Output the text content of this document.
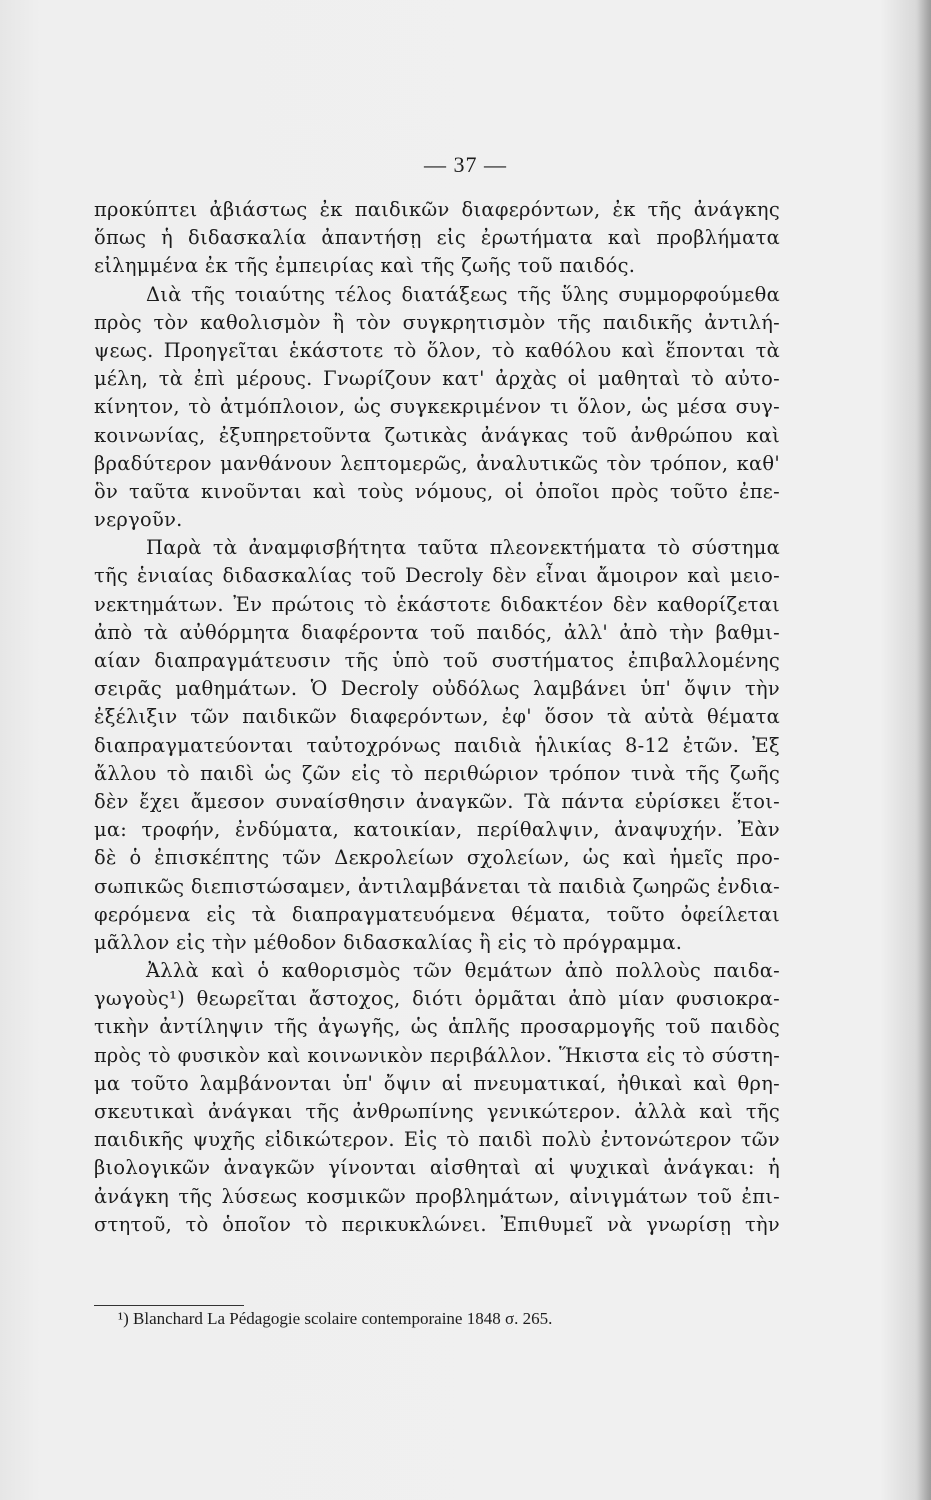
— 37 —
προκύπτει ἀβιάστως ἐκ παιδικῶν διαφερόντων, ἐκ τῆς ἀνάγκης
ὅπως ἡ διδασκαλία ἀπαντήσῃ εἰς ἐρωτήματα καὶ προβλήματα
εἰλημμένα ἐκ τῆς ἐμπειρίας καὶ τῆς ζωῆς τοῦ παιδός.
Διὰ τῆς τοιαύτης τέλος διατάξεως τῆς ὕλης συμμορφούμεθα
πρὸς τὸν καθολισμὸν ἢ τὸν συγκρητισμὸν τῆς παιδικῆς ἀντιλή-
ψεως. Προηγεῖται ἑκάστοτε τὸ ὅλον, τὸ καθόλου καὶ ἕπονται τὰ
μέλη, τὰ ἐπὶ μέρους. Γνωρίζουν κατ' ἀρχὰς οἱ μαθηταὶ τὸ αὐτο-
κίνητον, τὸ ἀτμόπλοιον, ὡς συγκεκριμένον τι ὅλον, ὡς μέσα συγ-
κοινωνίας, ἐξυπηρετοῦντα ζωτικὰς ἀνάγκας τοῦ ἀνθρώπου καὶ
βραδύτερον μανθάνουν λεπτομερῶς, ἀναλυτικῶς τὸν τρόπον, καθ'
ὃν ταῦτα κινοῦνται καὶ τοὺς νόμους, οἱ ὁποῖοι πρὸς τοῦτο ἐπε-
νεργοῦν.
Παρὰ τὰ ἀναμφισβήτητα ταῦτα πλεονεκτήματα τὸ σύστημα
τῆς ἑνιαίας διδασκαλίας τοῦ Decroly δὲν εἶναι ἄμοιρον καὶ μειο-
νεκτημάτων. Ἐν πρώτοις τὸ ἑκάστοτε διδακτέον δὲν καθορίζεται
ἀπὸ τὰ αὐθόρμητα διαφέροντα τοῦ παιδός, ἀλλ' ἀπὸ τὴν βαθμι-
αίαν διαπραγμάτευσιν τῆς ὑπὸ τοῦ συστήματος ἐπιβαλλομένης
σειρᾶς μαθημάτων. Ὁ Decroly οὐδόλως λαμβάνει ὑπ' ὄψιν τὴν
ἐξέλιξιν τῶν παιδικῶν διαφερόντων, ἐφ' ὅσον τὰ αὐτὰ θέματα
διαπραγματεύονται ταὐτοχρόνως παιδιὰ ἡλικίας 8-12 ἐτῶν. Ἐξ
ἄλλου τὸ παιδὶ ὡς ζῶν εἰς τὸ περιθώριον τρόπον τινὰ τῆς ζωῆς
δὲν ἔχει ἄμεσον συναίσθησιν ἀναγκῶν. Τὰ πάντα εὑρίσκει ἕτοι-
μα: τροφήν, ἐνδύματα, κατοικίαν, περίθαλψιν, ἀναψυχήν. Ἐὰν
δὲ ὁ ἐπισκέπτης τῶν Δεκρολείων σχολείων, ὡς καὶ ἡμεῖς προ-
σωπικῶς διεπιστώσαμεν, ἀντιλαμβάνεται τὰ παιδιὰ ζωηρῶς ἐνδια-
φερόμενα εἰς τὰ διαπραγματευόμενα θέματα, τοῦτο ὀφείλεται
μᾶλλον εἰς τὴν μέθοδον διδασκαλίας ἢ εἰς τὸ πρόγραμμα.
Ἀλλὰ καὶ ὁ καθορισμὸς τῶν θεμάτων ἀπὸ πολλοὺς παιδα-
γωγοὺς¹) θεωρεῖται ἄστοχος, διότι ὁρμᾶται ἀπὸ μίαν φυσιοκρα-
τικὴν ἀντίληψιν τῆς ἀγωγῆς, ὡς ἁπλῆς προσαρμογῆς τοῦ παιδὸς
πρὸς τὸ φυσικὸν καὶ κοινωνικὸν περιβάλλον. Ἥκιστα εἰς τὸ σύστη-
μα τοῦτο λαμβάνονται ὑπ' ὄψιν αἱ πνευματικαί, ἠθικαὶ καὶ θρη-
σκευτικαὶ ἀνάγκαι τῆς ἀνθρωπίνης γενικώτερον. ἀλλὰ καὶ τῆς
παιδικῆς ψυχῆς εἰδικώτερον. Εἰς τὸ παιδὶ πολὺ ἐντονώτερον τῶν
βιολογικῶν ἀναγκῶν γίνονται αἰσθηταὶ αἱ ψυχικαὶ ἀνάγκαι: ἡ
ἀνάγκη τῆς λύσεως κοσμικῶν προβλημάτων, αἰνιγμάτων τοῦ ἐπι-
στητοῦ, τὸ ὁποῖον τὸ περικυκλώνει. Ἐπιθυμεῖ νὰ γνωρίσῃ τὴν
¹) Blanchard La Pédagogie scolaire contemporaine 1848 σ. 265.
